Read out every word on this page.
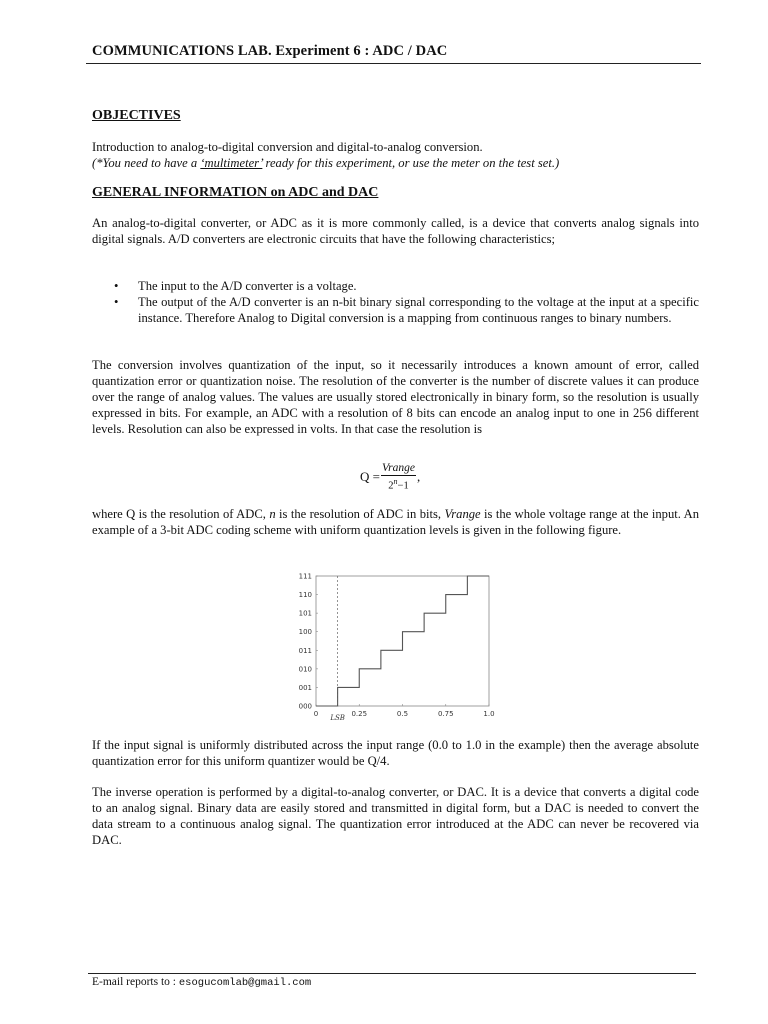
COMMUNICATIONS LAB. Experiment 6 : ADC / DAC
OBJECTIVES
Introduction to analog-to-digital conversion and digital-to-analog conversion.
(*You need to have a ‘multimeter’ ready for this experiment, or use the meter on the test set.)
GENERAL INFORMATION on ADC and DAC
An analog-to-digital converter, or ADC as it is more commonly called, is a device that converts analog signals into digital signals. A/D converters are electronic circuits that have the following characteristics;
• The input to the A/D converter is a voltage.
• The output of the A/D converter is an n-bit binary signal corresponding to the voltage at the input at a specific instance. Therefore Analog to Digital conversion is a mapping from continuous ranges to binary numbers.
The conversion involves quantization of the input, so it necessarily introduces a known amount of error, called quantization error or quantization noise. The resolution of the converter is the number of discrete values it can produce over the range of analog values. The values are usually stored electronically in binary form, so the resolution is usually expressed in bits. For example, an ADC with a resolution of 8 bits can encode an analog input to one in 256 different levels. Resolution can also be expressed in volts. In that case the resolution is
$Q = \frac{\text{Vrange}}{2^n-1}$ ,
where Q is the resolution of ADC, n is the resolution of ADC in bits, Vrange is the whole voltage range at the input. An example of a 3-bit ADC coding scheme with uniform quantization levels is given in the following figure.
000
001
010
011
100
101
110
111
0 LSB 0.25	0.5	0.75	1.0
If the input signal is uniformly distributed across the input range (0.0 to 1.0 in the example) then the average absolute quantization error for this uniform quantizer would be Q/4.
The inverse operation is performed by a digital-to-analog converter, or DAC. It is a device that converts a digital code to an analog signal. Binary data are easily stored and transmitted in digital form, but a DAC is needed to convert the data stream to a continuous analog signal. The quantization error introduced at the ADC can never be recovered via DAC.
E-mail reports to : esogucomlab@gmail.com
